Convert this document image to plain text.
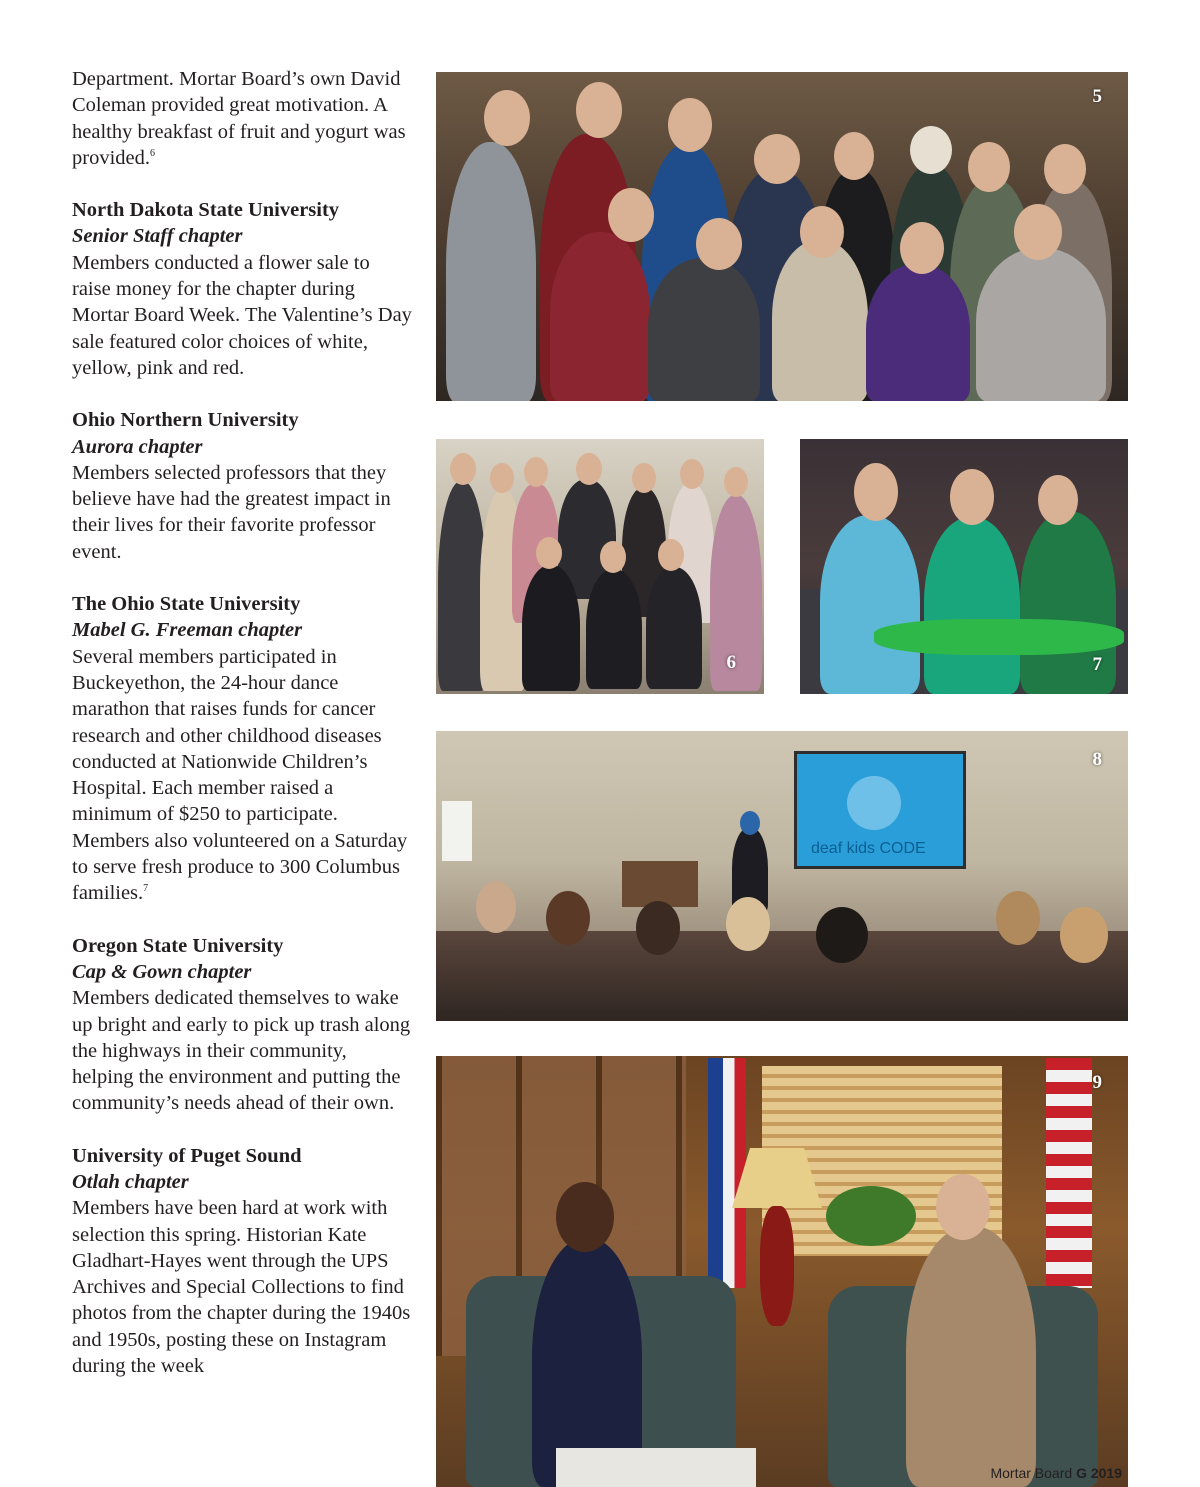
Department. Mortar Board’s own David Coleman provided great motivation. A healthy breakfast of fruit and yogurt was provided.$^6$

North Dakota State University

Senior Staff chapter

Members conducted a flower sale to raise money for the chapter during Mortar Board Week. The Valentine’s Day sale featured color choices of white, yellow, pink and red.

Ohio Northern University

Aurora chapter

Members selected professors that they believe have had the greatest impact in their lives for their favorite professor event.

The Ohio State University

Mabel G. Freeman chapter

Several members participated in Buckeyethon, the 24-hour dance marathon that raises funds for cancer research and other childhood diseases conducted at Nationwide Children’s Hospital. Each member raised a minimum of $250 to participate. Members also volunteered on a Saturday to serve fresh produce to 300 Columbus families.$^7$

Oregon State University

Cap & Gown chapter

Members dedicated themselves to wake up bright and early to pick up trash along the highways in their community, helping the environment and putting the community’s needs ahead of their own.

University of Puget Sound

Otlah chapter

Members have been hard at work with selection this spring. Historian Kate Gladhart-Hayes went through the UPS Archives and Special Collections to find photos from the chapter during the 1940s and 1950s, posting these on Instagram during the week

5
6	7
deaf kids CODE
8
9
Mortar Board G 2019
